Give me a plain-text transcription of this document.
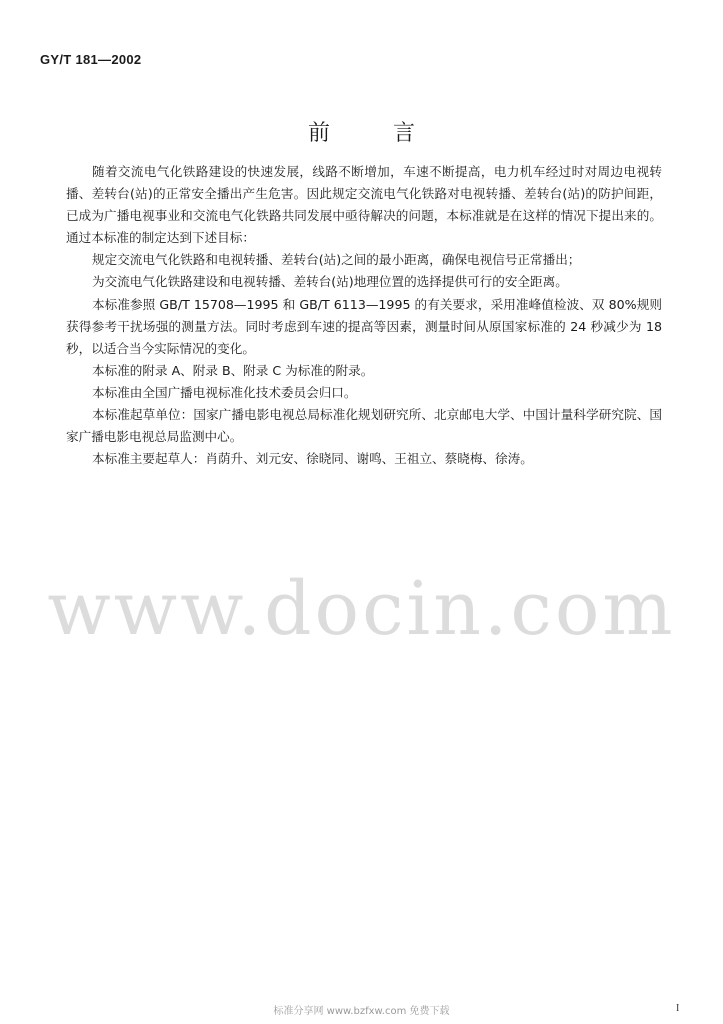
GY/T 181—2002
前 言

随着交流电气化铁路建设的快速发展，线路不断增加，车速不断提高，电力机车经过时对周边电视转播、差转台(站)的正常安全播出产生危害。因此规定交流电气化铁路对电视转播、差转台(站)的防护间距，已成为广播电视事业和交流电气化铁路共同发展中亟待解决的问题，本标准就是在这样的情况下提出来的。通过本标准的制定达到下述目标：

规定交流电气化铁路和电视转播、差转台(站)之间的最小距离，确保电视信号正常播出；

为交流电气化铁路建设和电视转播、差转台(站)地理位置的选择提供可行的安全距离。

本标准参照 GB/T 15708—1995 和 GB/T 6113—1995 的有关要求，采用准峰值检波、双 80%规则获得参考干扰场强的测量方法。同时考虑到车速的提高等因素，测量时间从原国家标准的 24 秒减少为 18 秒，以适合当今实际情况的变化。

本标准的附录 A、附录 B、附录 C 为标准的附录。

本标准由全国广播电视标准化技术委员会归口。

本标准起草单位：国家广播电影电视总局标准化规划研究所、北京邮电大学、中国计量科学研究院、国家广播电影电视总局监测中心。

本标准主要起草人：肖荫升、刘元安、徐晓同、谢鸣、王祖立、蔡晓梅、徐涛。

www.docin.com
标准分享网 www.bzfxw.com 免费下载	I
